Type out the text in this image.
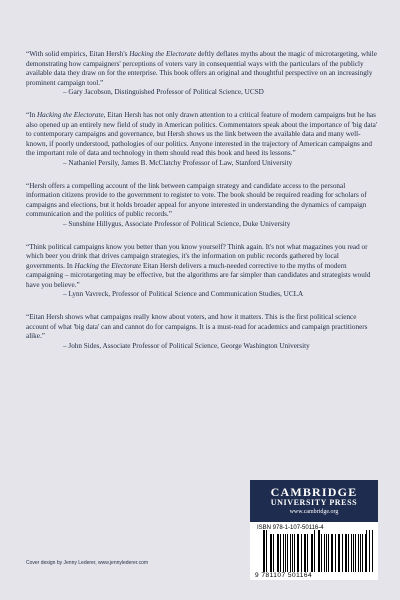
“With solid empirics, Eitan Hersh's Hacking the Electorate deftly deflates myths about the magic of microtargeting, while demonstrating how campaigners' perceptions of voters vary in consequential ways with the particulars of the publicly available data they draw on for the enterprise. This book offers an original and thoughtful perspective on an increasingly prominent campaign tool.”

– Gary Jacobson, Distinguished Professor of Political Science, UCSD

“In Hacking the Electorate, Eitan Hersh has not only drawn attention to a critical feature of modern campaigns but he has also opened up an entirely new field of study in American politics. Commentators speak about the importance of 'big data' to contemporary campaigns and governance, but Hersh shows us the link between the available data and many well-known, if poorly understood, pathologies of our politics. Anyone interested in the trajectory of American campaigns and the important role of data and technology in them should read this book and heed its lessons.”

– Nathaniel Persily, James B. McClatchy Professor of Law, Stanford University

“Hersh offers a compelling account of the link between campaign strategy and candidate access to the personal information citizens provide to the government to register to vote. The book should be required reading for scholars of campaigns and elections, but it holds broader appeal for anyone interested in understanding the dynamics of campaign communication and the politics of public records.”

– Sunshine Hillygus, Associate Professor of Political Science, Duke University

“Think political campaigns know you better than you know yourself? Think again. It's not what magazines you read or which beer you drink that drives campaign strategies, it's the information on public records gathered by local governments. In Hacking the Electorate Eitan Hersh delivers a much-needed corrective to the myths of modern campaigning – microtargeting may be effective, but the algorithms are far simpler than candidates and strategists would have you believe.”

– Lynn Vavreck, Professor of Political Science and Communication Studies, UCLA

“Eitan Hersh shows what campaigns really know about voters, and how it matters. This is the first political science account of what 'big data' can and cannot do for campaigns. It is a must-read for academics and campaign practitioners alike.”

– John Sides, Associate Professor of Political Science, George Washington University

Cover design by Jenny Lederer, www.jennylederer.com
CAMBRIDGE
UNIVERSITY PRESS
www.cambridge.org
ISBN 978-1-107-50116-4
9 781107 501164
